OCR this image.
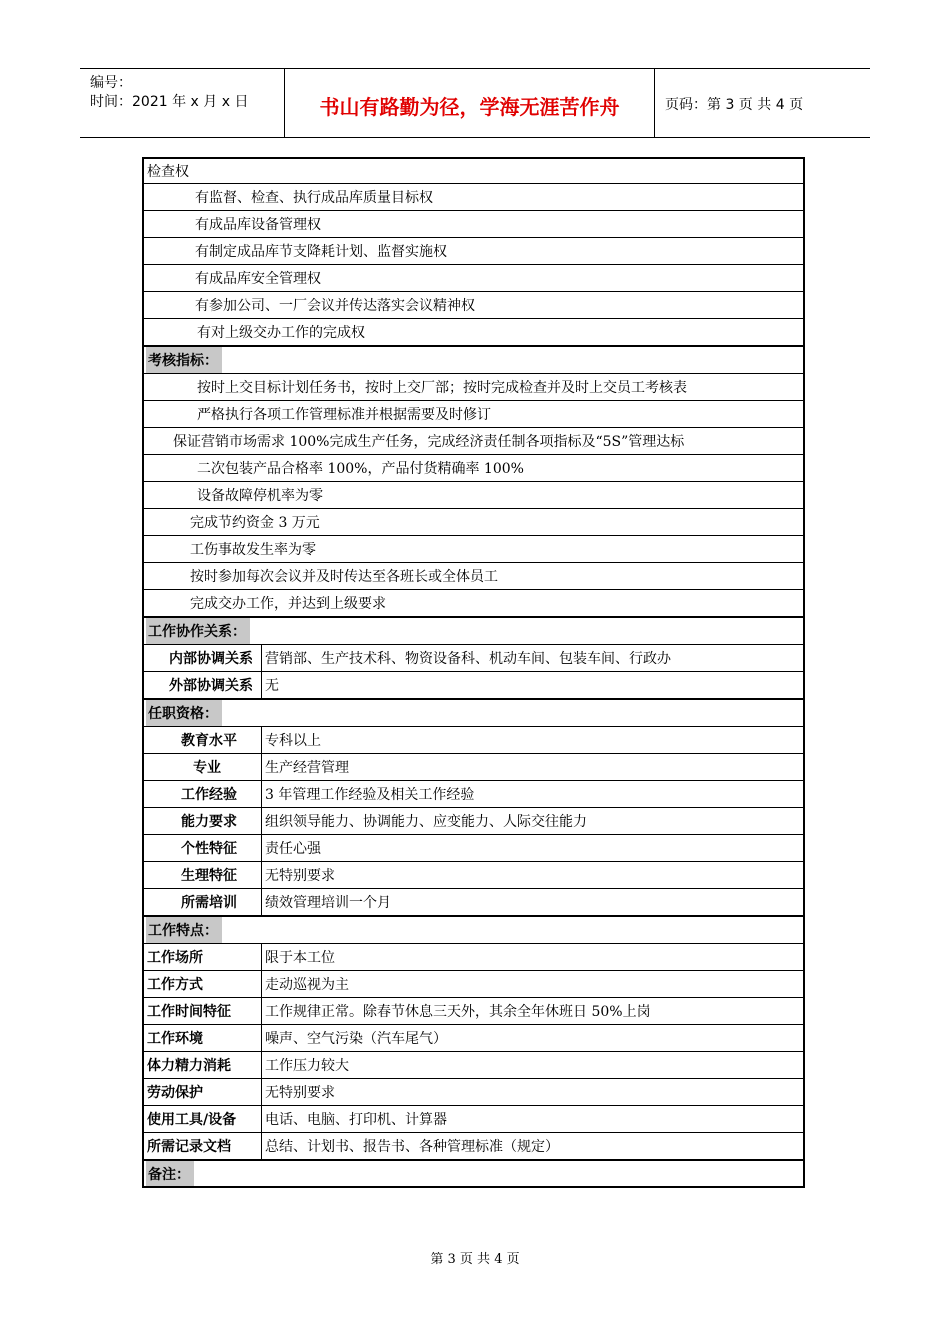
编号：
时间：2021 年 x 月 x 日	书山有路勤为径，学海无涯苦作舟	页码：第 3 页 共 4 页
检查权
有监督、检查、执行成品库质量目标权
有成品库设备管理权
有制定成品库节支降耗计划、监督实施权
有成品库安全管理权
有参加公司、一厂会议并传达落实会议精神权
有对上级交办工作的完成权
考核指标：
按时上交目标计划任务书，按时上交厂部；按时完成检查并及时上交员工考核表
严格执行各项工作管理标准并根据需要及时修订
保证营销市场需求 100%完成生产任务，完成经济责任制各项指标及“5S”管理达标
二次包装产品合格率 100%，产品付货精确率 100%
设备故障停机率为零
完成节约资金 3 万元
工伤事故发生率为零
按时参加每次会议并及时传达至各班长或全体员工
完成交办工作，并达到上级要求
工作协作关系：
内部协调关系 营销部、生产技术科、物资设备科、机动车间、包装车间、行政办
外部协调关系 无
任职资格：
教育水平	专科以上
专业	生产经营管理
工作经验	3 年管理工作经验及相关工作经验
能力要求	组织领导能力、协调能力、应变能力、人际交往能力
个性特征	责任心强
生理特征	无特别要求
所需培训	绩效管理培训一个月
工作特点：
工作场所	限于本工位
工作方式	走动巡视为主
工作时间特征	工作规律正常。除春节休息三天外，其余全年休班日 50%上岗
工作环境	噪声、空气污染（汽车尾气）
体力精力消耗	工作压力较大
劳动保护	无特别要求
使用工具/设备	电话、电脑、打印机、计算器
所需记录文档	总结、计划书、报告书、各种管理标准（规定）
备注：
第 3 页 共 4 页
